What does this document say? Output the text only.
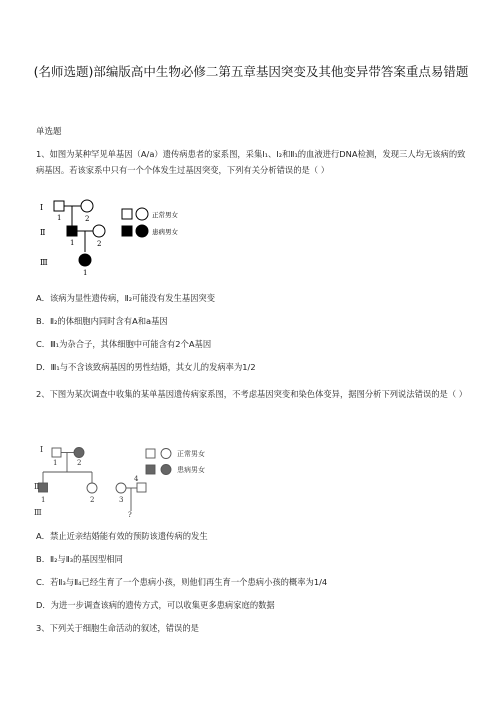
(名师选题)部编版高中生物必修二第五章基因突变及其他变异带答案重点易错题
单选题
1、如图为某种罕见单基因（A/a）遗传病患者的家系图，采集Ⅰ₁、Ⅰ₂和Ⅱ₁的血液进行DNA检测，发现三人均无该病的致病基因。若该家系中只有一个个体发生过基因突变，下列有关分析错误的是（ ）
Ⅰ
Ⅱ
Ⅲ
1	2
1	2
1
正常男女
患病男女
A．该病为显性遗传病，Ⅱ₂可能没有发生基因突变
B．Ⅱ₂的体细胞内同时含有A和a基因
C．Ⅲ₁为杂合子，其体细胞中可能含有2个A基因
D．Ⅲ₁与不含该致病基因的男性结婚，其女儿的发病率为1/2
2、下图为某次调查中收集的某单基因遗传病家系图，不考虑基因突变和染色体变异，据图分析下列说法错误的是（ ）
Ⅰ
Ⅱ
Ⅲ
1	2
1	2	3
4
?
正常男女
患病男女
A．禁止近亲结婚能有效的预防该遗传病的发生
B．Ⅱ₂与Ⅱ₃的基因型相同
C．若Ⅱ₃与Ⅱ₄已经生育了一个患病小孩，则他们再生育一个患病小孩的概率为1/4
D．为进一步调查该病的遗传方式，可以收集更多患病家庭的数据
3、下列关于细胞生命活动的叙述，错误的是
